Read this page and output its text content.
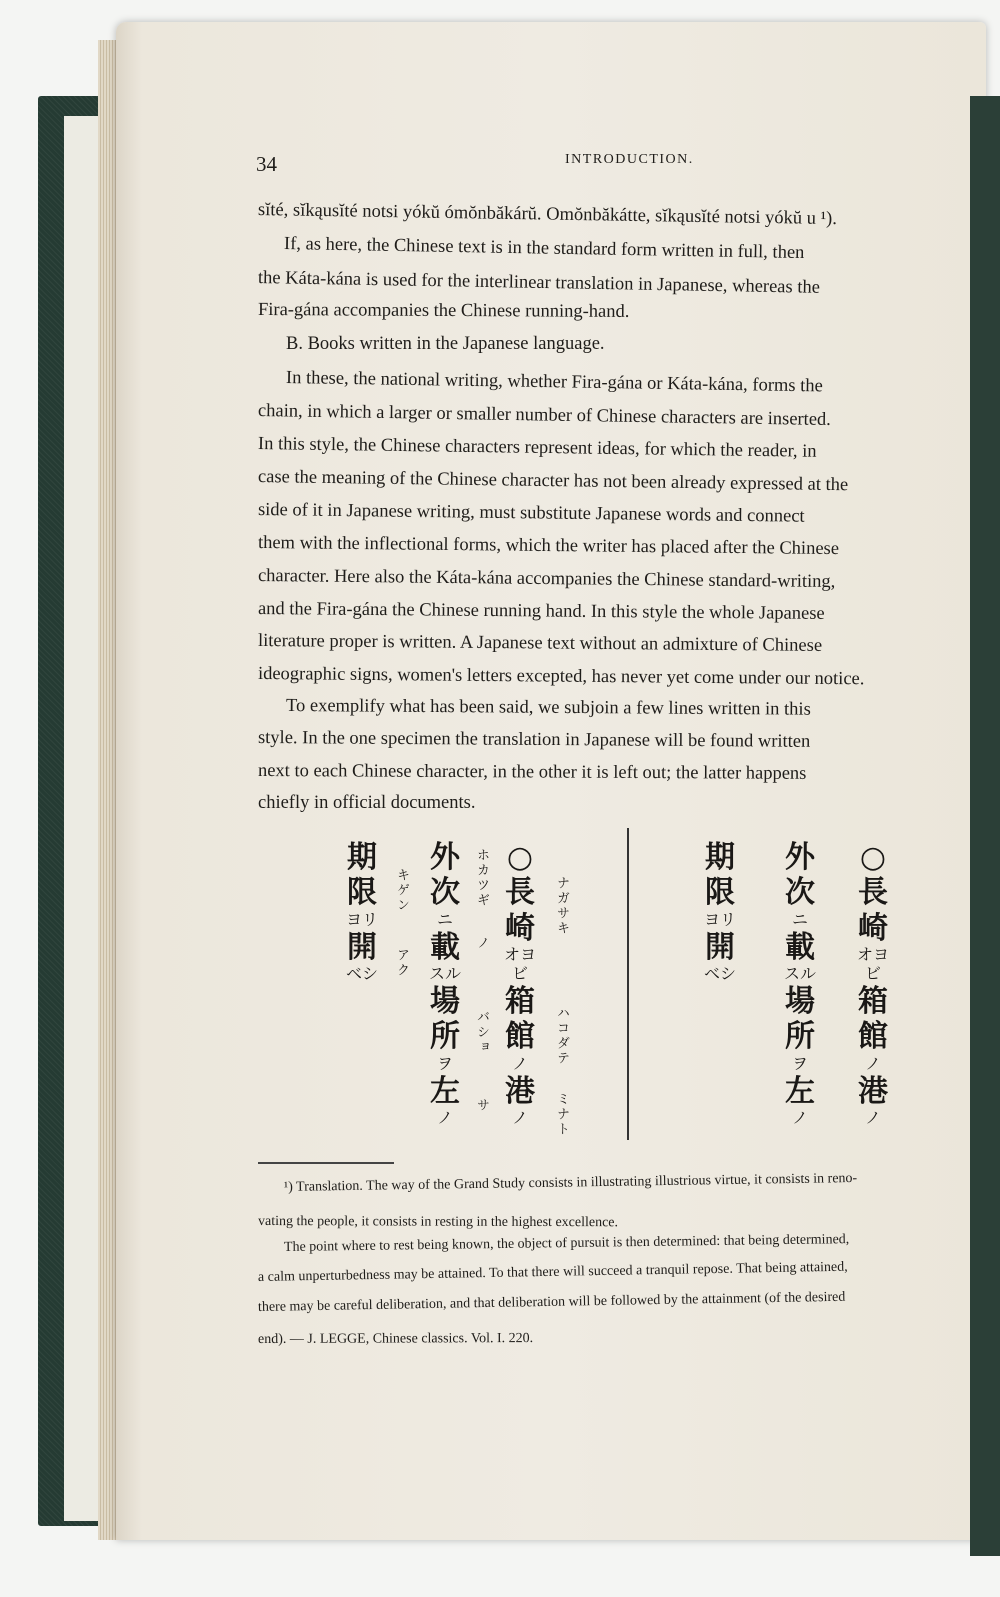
34	INTRODUCTION.
sĭté, sĭkąusĭté notsi yókŭ ómŏnbăkárŭ. Omŏnbăkátte, sĭkąusĭté notsi yókŭ u ¹).
If, as here, the Chinese text is in the standard form written in full, then
the Káta-kána is used for the interlinear translation in Japanese, whereas the
Fira-gána accompanies the Chinese running-hand.
B. Books written in the Japanese language.
In these, the national writing, whether Fira-gána or Káta-kána, forms the
chain, in which a larger or smaller number of Chinese characters are inserted.
In this style, the Chinese characters represent ideas, for which the reader, in
case the meaning of the Chinese character has not been already expressed at the
side of it in Japanese writing, must substitute Japanese words and connect
them with the inflectional forms, which the writer has placed after the Chinese
character. Here also the Káta-kána accompanies the Chinese standard-writing,
and the Fira-gána the Chinese running hand. In this style the whole Japanese
literature proper is written. A Japanese text without an admixture of Chinese
ideographic signs, women's letters excepted, has never yet come under our notice.
To exemplify what has been said, we subjoin a few lines written in this
style. In the one specimen the translation in Japanese will be found written
next to each Chinese character, in the other it is left out; the latter happens
chiefly in official documents.
○
長
崎
オヨビ
箱
館
ノ
港
ノ
外
次
ニ
載
スル
場
所
ヲ
左
ノ
期
限
ヨリ
開
ベシ
ナガサキ
ハコダテ
ミナト
ホカツギ
ノ
バショ
サ
キゲン
アク
○
長
崎
オヨビ
箱
館
ノ
港
ノ
外
次
ニ
載
スル
場
所
ヲ
左
ノ
期
限
ヨリ
開
ベシ
¹) Translation. The way of the Grand Study consists in illustrating illustrious virtue, it consists in reno-
vating the people, it consists in resting in the highest excellence.
The point where to rest being known, the object of pursuit is then determined: that being determined,
a calm unperturbedness may be attained. To that there will succeed a tranquil repose. That being attained,
there may be careful deliberation, and that deliberation will be followed by the attainment (of the desired
end). — J. LEGGE, Chinese classics. Vol. I. 220.
